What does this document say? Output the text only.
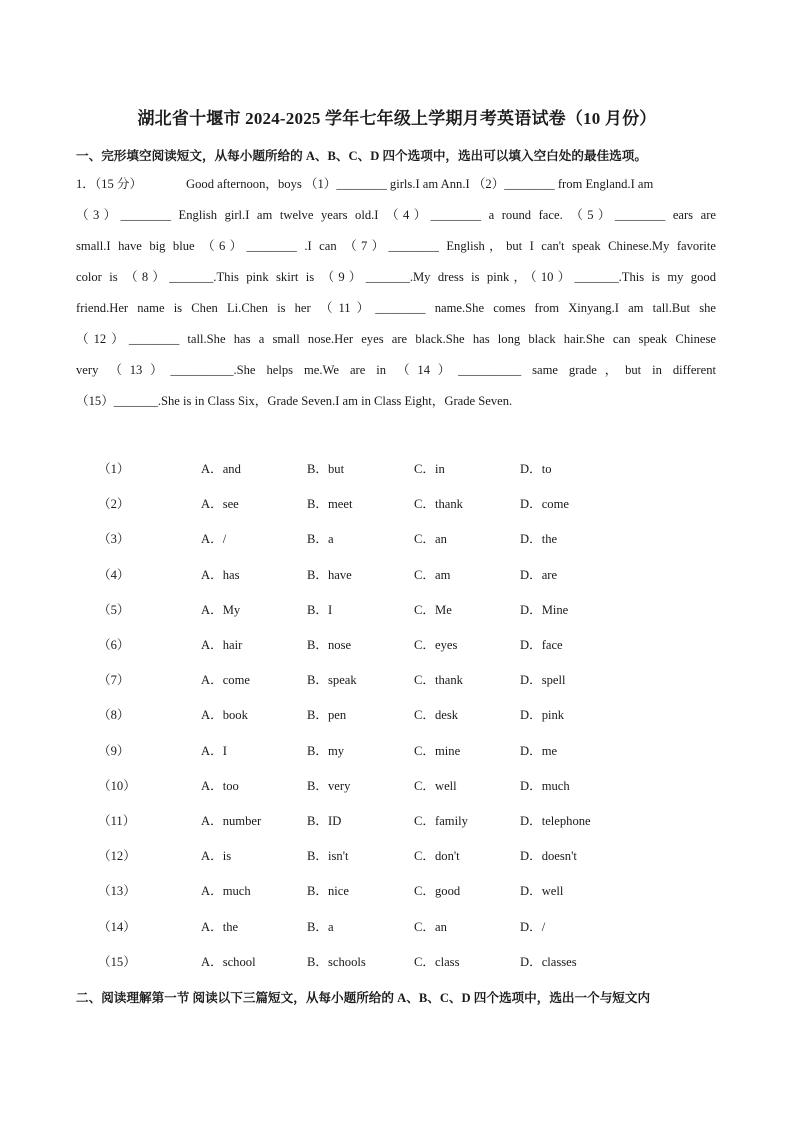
湖北省十堰市 2024-2025 学年七年级上学期月考英语试卷（10 月份）
一、完形填空阅读短文，从每小题所给的 A、B、C、D 四个选项中，选出可以填入空白处的最佳选项。

1．（15 分）	Good afternoon，boys （1）________ girls.I am Ann.I （2）________ from England.I am

（3）________ English girl.I am twelve years old.I （4）________ a round face. （5）________ ears are

small.I have big blue （6）________ .I can （7）________ English，but I can't speak Chinese.My favorite

color is （8）_______.This pink skirt is （9）_______.My dress is pink，（10）_______.This is my good

friend.Her name is Chen Li.Chen is her （11）________ name.She comes from Xinyang.I am tall.But she

（12）________ tall.She has a small nose.Her eyes are black.She has long black hair.She can speak Chinese

very （13）__________.She helps me.We are in （14）__________ same grade，but in different

（15）_______.She is in Class Six，Grade Seven.I am in Class Eight，Grade Seven.

（1）	A．and	B．but	C．in	D．to
（2）	A．see	B．meet	C．thank	D．come
（3）	A．/	B．a	C．an	D．the
（4）	A．has	B．have	C．am	D．are
（5）	A．My	B．I	C．Me	D．Mine
（6）	A．hair	B．nose	C．eyes	D．face
（7）	A．come	B．speak	C．thank	D．spell
（8）	A．book	B．pen	C．desk	D．pink
（9）	A．I	B．my	C．mine	D．me
（10）	A．too	B．very	C．well	D．much
（11）	A．number	B．ID	C．family	D．telephone
（12）	A．is	B．isn't	C．don't	D．doesn't
（13）	A．much	B．nice	C．good	D．well
（14）	A．the	B．a	C．an	D．/
（15）	A．school	B．schools	C．class	D．classes
二、阅读理解第一节 阅读以下三篇短文，从每小题所给的 A、B、C、D 四个选项中，选出一个与短文内
